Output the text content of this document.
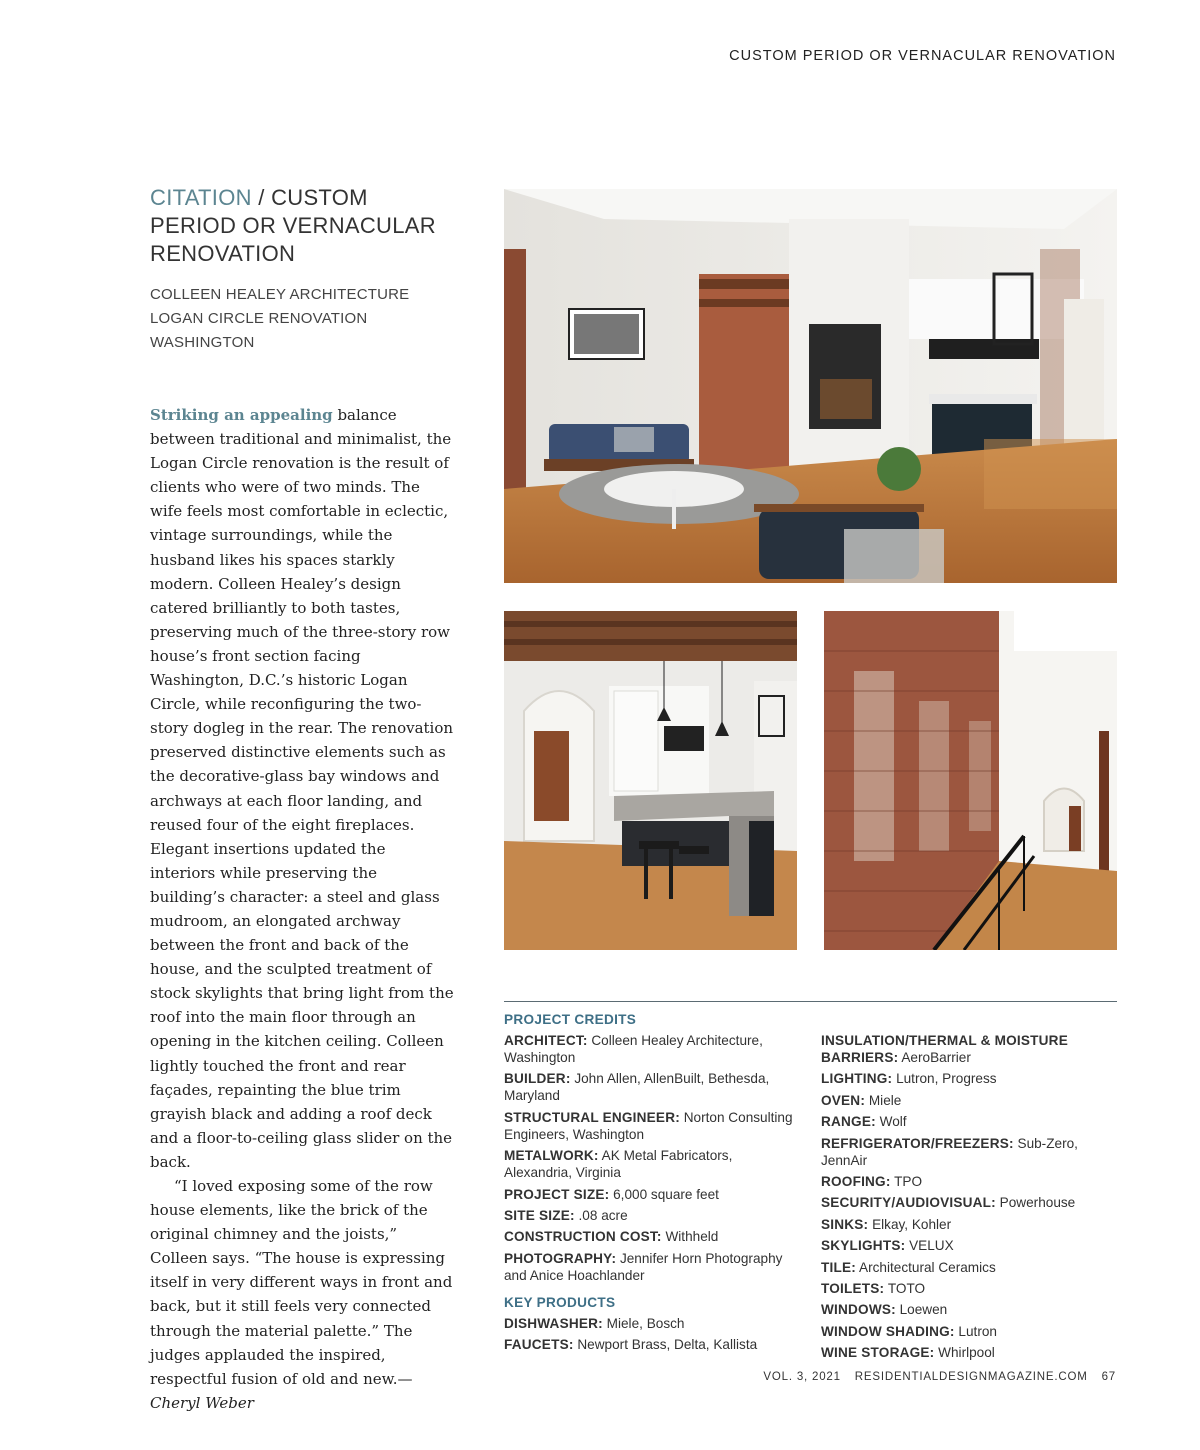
CUSTOM PERIOD OR VERNACULAR RENOVATION
CITATION / CUSTOM
PERIOD OR VERNACULAR
RENOVATION
COLLEEN HEALEY ARCHITECTURE
LOGAN CIRCLE RENOVATION
WASHINGTON

Striking an appealing balance between traditional and minimalist, the Logan Circle renovation is the result of clients who were of two minds. The wife feels most comfortable in eclectic, vintage surroundings, while the husband likes his spaces starkly modern. Colleen Healey’s design catered brilliantly to both tastes, preserving much of the three-story row house’s front section facing Washington, D.C.’s historic Logan Circle, while reconfiguring the two-story dogleg in the rear. The renovation preserved distinctive elements such as the decorative-glass bay windows and archways at each floor landing, and reused four of the eight fireplaces. Elegant insertions updated the interiors while preserving the building’s character: a steel and glass mudroom, an elongated archway between the front and back of the house, and the sculpted treatment of stock skylights that bring light from the roof into the main floor through an opening in the kitchen ceiling. Colleen lightly touched the front and rear façades, repainting the blue trim grayish black and adding a roof deck and a floor-to-ceiling glass slider on the back.

“I loved exposing some of the row house elements, like the brick of the original chimney and the joists,” Colleen says. “The house is expressing itself in very different ways in front and back, but it still feels very connected through the material palette.” The judges applauded the inspired, respectful fusion of old and new.—Cheryl Weber

PROJECT CREDITS
ARCHITECT: Colleen Healey Architecture, Washington
BUILDER: John Allen, AllenBuilt, Bethesda, Maryland
STRUCTURAL ENGINEER: Norton Consulting Engineers, Washington
METALWORK: AK Metal Fabricators, Alexandria, Virginia
PROJECT SIZE: 6,000 square feet
SITE SIZE: .08 acre
CONSTRUCTION COST: Withheld
PHOTOGRAPHY: Jennifer Horn Photography and Anice Hoachlander
KEY PRODUCTS
DISHWASHER: Miele, Bosch
FAUCETS: Newport Brass, Delta, Kallista
INSULATION/THERMAL & MOISTURE BARRIERS: AeroBarrier
LIGHTING: Lutron, Progress
OVEN: Miele
RANGE: Wolf
REFRIGERATOR/FREEZERS: Sub-Zero, JennAir
ROOFING: TPO
SECURITY/AUDIOVISUAL: Powerhouse
SINKS: Elkay, Kohler
SKYLIGHTS: VELUX
TILE: Architectural Ceramics
TOILETS: TOTO
WINDOWS: Loewen
WINDOW SHADING: Lutron
WINE STORAGE: Whirlpool
VOL. 3, 2021 RESIDENTIALDESIGNMAGAZINE.COM 67
